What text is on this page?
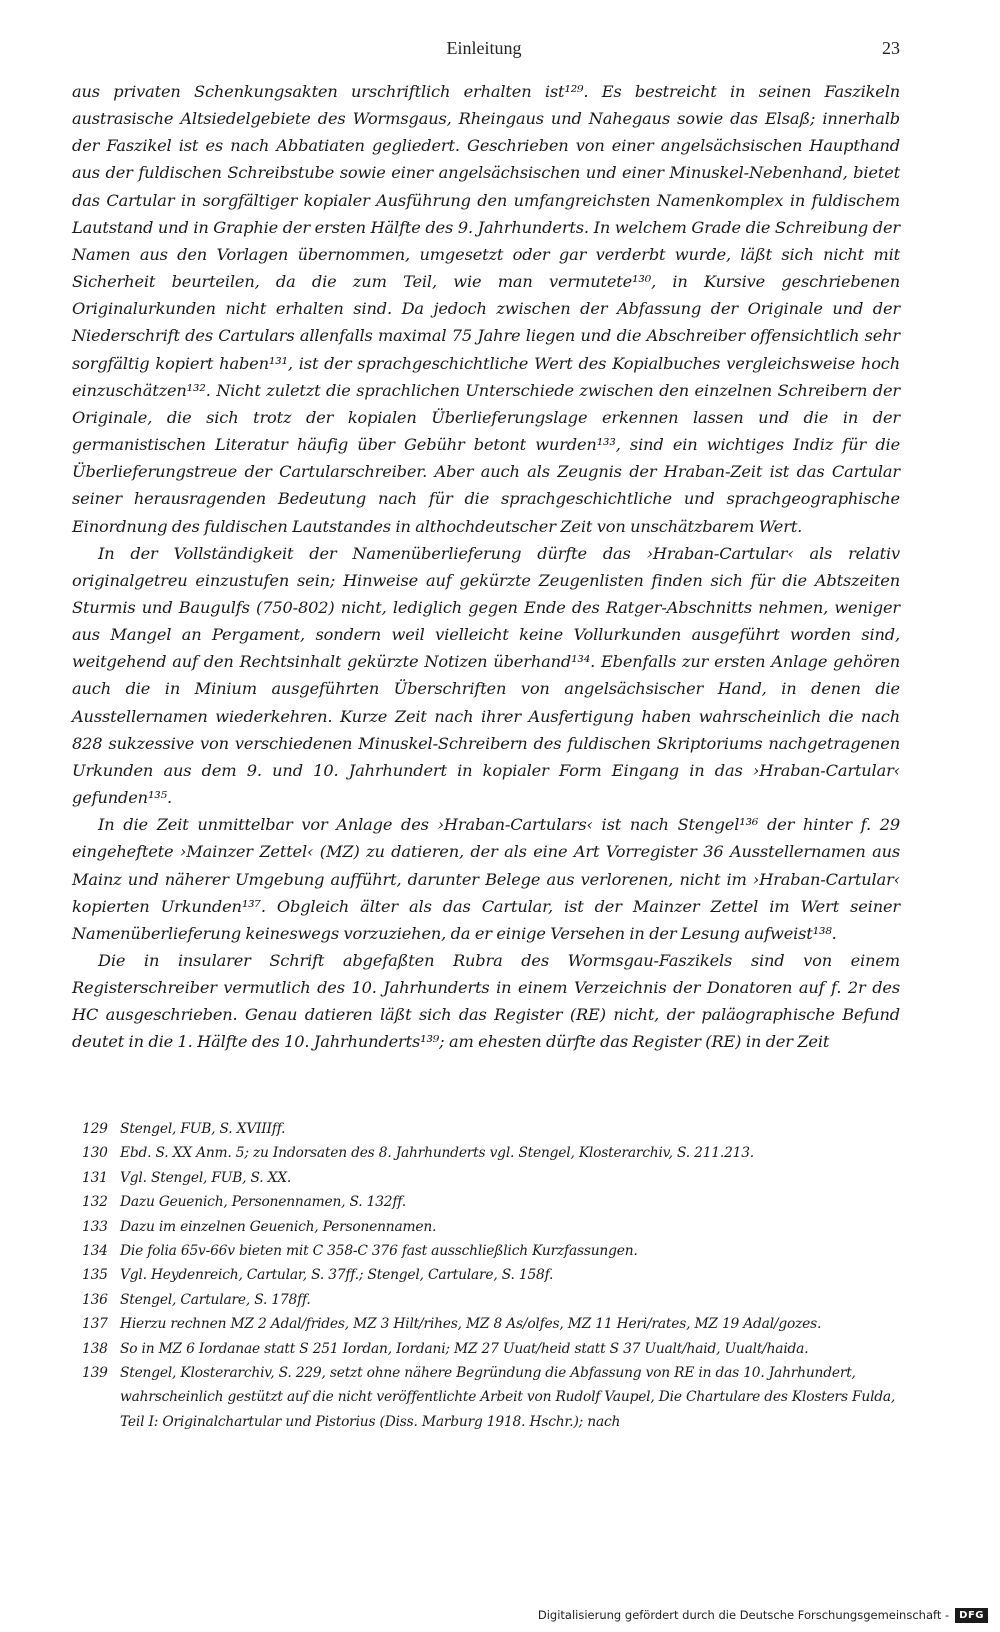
Einleitung	23

aus privaten Schenkungsakten urschriftlich erhalten ist¹²⁹. Es bestreicht in seinen Faszikeln austrasische Altsiedelgebiete des Wormsgaus, Rheingaus und Nahegaus sowie das Elsaß; innerhalb der Faszikel ist es nach Abbatiaten gegliedert. Geschrieben von einer angelsächsischen Haupthand aus der fuldischen Schreibstube sowie einer angelsächsischen und einer Minuskel-Nebenhand, bietet das Cartular in sorgfältiger kopialer Ausführung den umfangreichsten Namenkomplex in fuldischem Lautstand und in Graphie der ersten Hälfte des 9. Jahrhunderts. In welchem Grade die Schreibung der Namen aus den Vorlagen übernommen, umgesetzt oder gar verderbt wurde, läßt sich nicht mit Sicherheit beurteilen, da die zum Teil, wie man vermutete¹³⁰, in Kursive geschriebenen Originalurkunden nicht erhalten sind. Da jedoch zwischen der Abfassung der Originale und der Niederschrift des Cartulars allenfalls maximal 75 Jahre liegen und die Abschreiber offensichtlich sehr sorgfältig kopiert haben¹³¹, ist der sprachgeschichtliche Wert des Kopialbuches vergleichsweise hoch einzuschätzen¹³². Nicht zuletzt die sprachlichen Unterschiede zwischen den einzelnen Schreibern der Originale, die sich trotz der kopialen Überlieferungslage erkennen lassen und die in der germanistischen Literatur häufig über Gebühr betont wurden¹³³, sind ein wichtiges Indiz für die Überlieferungstreue der Cartularschreiber. Aber auch als Zeugnis der Hraban-Zeit ist das Cartular seiner herausragenden Bedeutung nach für die sprachgeschichtliche und sprachgeographische Einordnung des fuldischen Lautstandes in althochdeutscher Zeit von unschätzbarem Wert.

In der Vollständigkeit der Namenüberlieferung dürfte das ›Hraban-Cartular‹ als relativ originalgetreu einzustufen sein; Hinweise auf gekürzte Zeugenlisten finden sich für die Abtszeiten Sturmis und Baugulfs (750-802) nicht, lediglich gegen Ende des Ratger-Abschnitts nehmen, weniger aus Mangel an Pergament, sondern weil vielleicht keine Vollurkunden ausgeführt worden sind, weitgehend auf den Rechtsinhalt gekürzte Notizen überhand¹³⁴. Ebenfalls zur ersten Anlage gehören auch die in Minium ausgeführten Überschriften von angelsächsischer Hand, in denen die Ausstellernamen wiederkehren. Kurze Zeit nach ihrer Ausfertigung haben wahrscheinlich die nach 828 sukzessive von verschiedenen Minuskel-Schreibern des fuldischen Skriptoriums nachgetragenen Urkunden aus dem 9. und 10. Jahrhundert in kopialer Form Eingang in das ›Hraban-Cartular‹ gefunden¹³⁵.

In die Zeit unmittelbar vor Anlage des ›Hraban-Cartulars‹ ist nach Stengel¹³⁶ der hinter f. 29 eingeheftete ›Mainzer Zettel‹ (MZ) zu datieren, der als eine Art Vorregister 36 Ausstellernamen aus Mainz und näherer Umgebung aufführt, darunter Belege aus verlorenen, nicht im ›Hraban-Cartular‹ kopierten Urkunden¹³⁷. Obgleich älter als das Cartular, ist der Mainzer Zettel im Wert seiner Namenüberlieferung keineswegs vorzuziehen, da er einige Versehen in der Lesung aufweist¹³⁸.

Die in insularer Schrift abgefaßten Rubra des Wormsgau-Faszikels sind von einem Registerschreiber vermutlich des 10. Jahrhunderts in einem Verzeichnis der Donatoren auf f. 2r des HC ausgeschrieben. Genau datieren läßt sich das Register (RE) nicht, der paläographische Befund deutet in die 1. Hälfte des 10. Jahrhunderts¹³⁹; am ehesten dürfte das Register (RE) in der Zeit

129 Stengel, FUB, S. XVIIIff.
130 Ebd. S. XX Anm. 5; zu Indorsaten des 8. Jahrhunderts vgl. Stengel, Klosterarchiv, S. 211.213.
131 Vgl. Stengel, FUB, S. XX.
132 Dazu Geuenich, Personennamen, S. 132ff.
133 Dazu im einzelnen Geuenich, Personennamen.
134 Die folia 65v-66v bieten mit C 358-C 376 fast ausschließlich Kurzfassungen.
135 Vgl. Heydenreich, Cartular, S. 37ff.; Stengel, Cartulare, S. 158f.
136 Stengel, Cartulare, S. 178ff.
137 Hierzu rechnen MZ 2 Adal/frides, MZ 3 Hilt/rihes, MZ 8 As/olfes, MZ 11 Heri/rates, MZ 19 Adal/gozes.
138 So in MZ 6 Iordanae statt S 251 Iordan, Iordani; MZ 27 Uuat/heid statt S 37 Uualt/haid, Uualt/haida.
139 Stengel, Klosterarchiv, S. 229, setzt ohne nähere Begründung die Abfassung von RE in das 10. Jahrhundert, wahrscheinlich gestützt auf die nicht veröffentlichte Arbeit von Rudolf Vaupel, Die Chartulare des Klosters Fulda, Teil I: Originalchartular und Pistorius (Diss. Marburg 1918. Hschr.); nach
Digitalisierung gefördert durch die Deutsche Forschungsgemeinschaft -	DFG
